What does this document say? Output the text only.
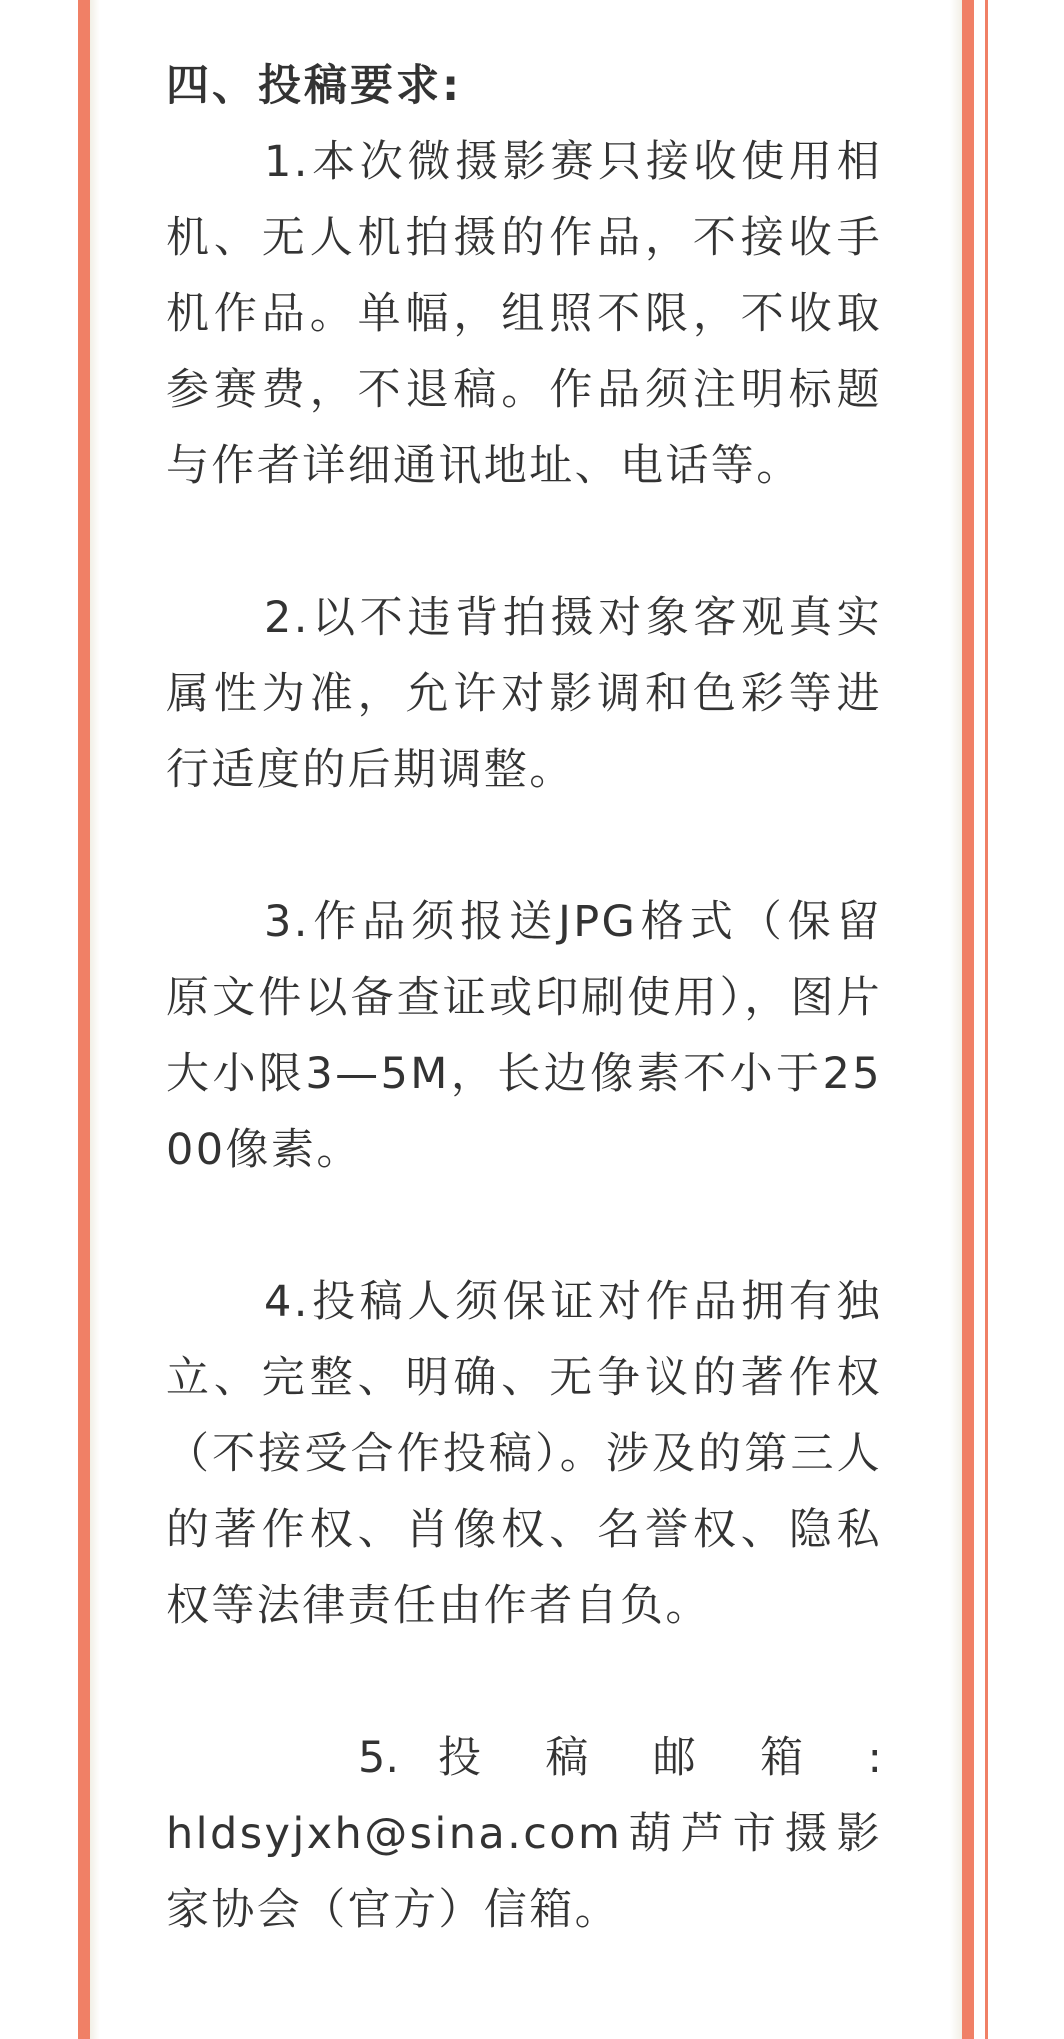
四、投稿要求:

1.本次微摄影赛只接收使用相机、无人机拍摄的作品，不接收手机作品。单幅，组照不限，不收取参赛费，不退稿。作品须注明标题与作者详细通讯地址、电话等。

2.以不违背拍摄对象客观真实属性为准，允许对影调和色彩等进行适度的后期调整。

3.作品须报送JPG格式（保留原文件以备查证或印刷使用），图片大小限3—5M，长边像素不小于2500像素。

4.投稿人须保证对作品拥有独立、完整、明确、无争议的著作权（不接受合作投稿）。涉及的第三人的著作权、肖像权、名誉权、隐私权等法律责任由作者自负。

5. 投 稿 邮 箱 :
hldsyjxh@sina.com葫芦市摄影家协会（官方）信箱。
